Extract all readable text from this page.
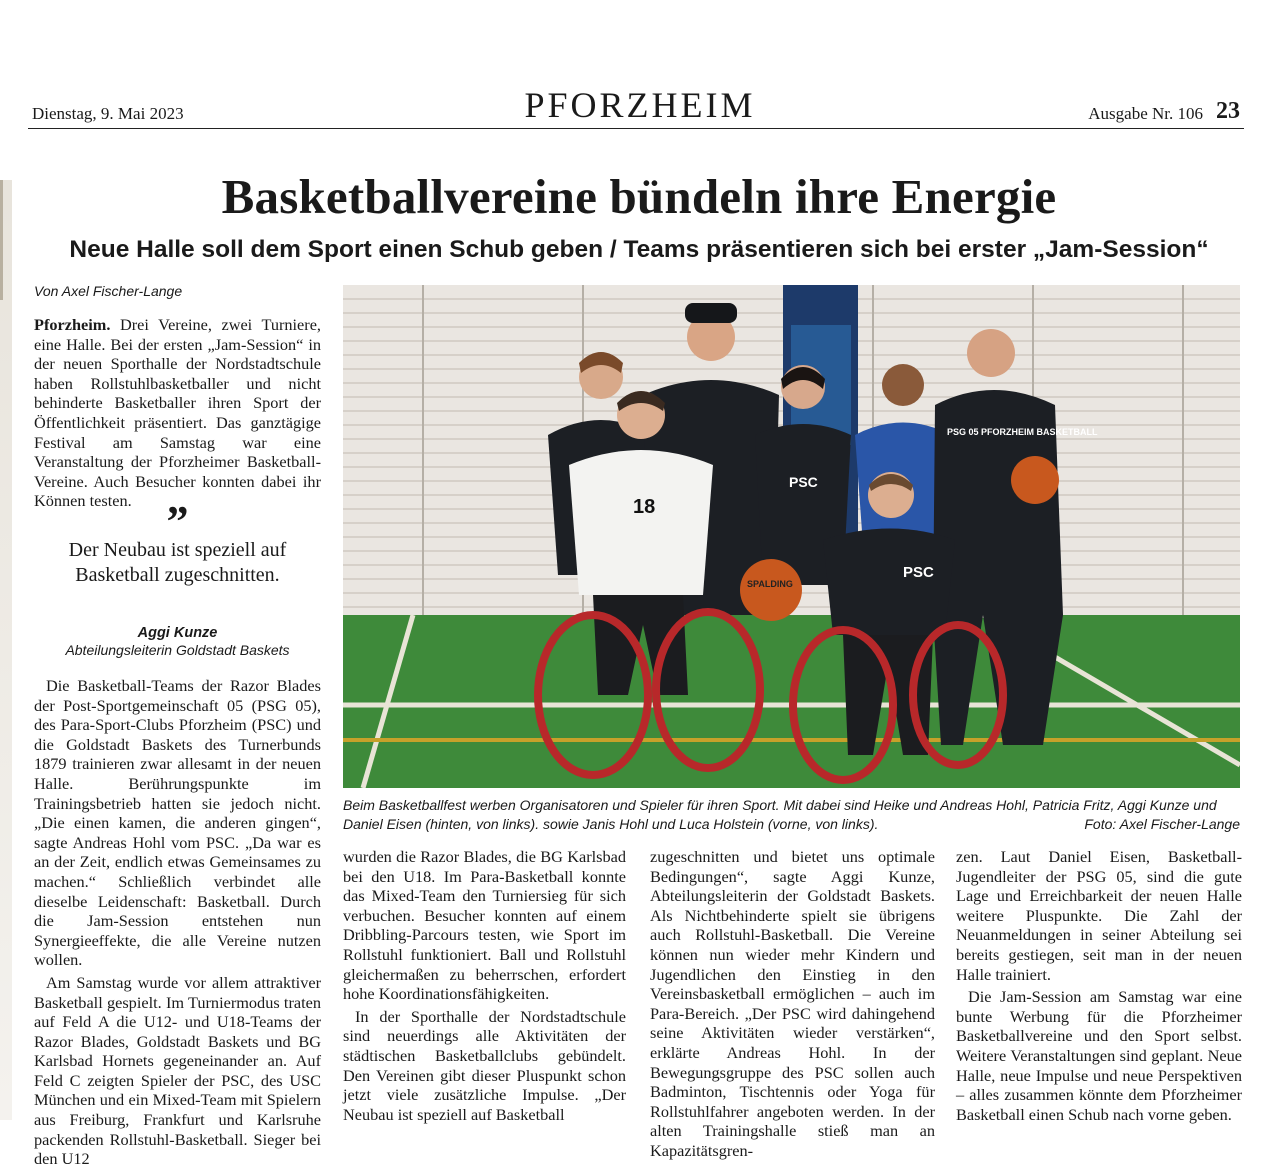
Dienstag, 9. Mai 2023	PFORZHEIM	Ausgabe Nr. 106 23
Basketballvereine bündeln ihre Energie
Neue Halle soll dem Sport einen Schub geben / Teams präsentieren sich bei erster „Jam-Session“
Von Axel Fischer-Lange

Pforzheim. Drei Vereine, zwei Turniere, eine Halle. Bei der ersten „Jam-Session“ in der neuen Sporthalle der Nordstadtschule haben Rollstuhlbasketballer und nicht behinderte Basketballer ihren Sport der Öffentlichkeit präsentiert. Das ganztägige Festival am Samstag war eine Veranstaltung der Pforzheimer Basketball-Vereine. Auch Besucher konnten dabei ihr Können testen. ”
Der Neubau ist speziell auf Basketball zugeschnitten.
Aggi Kunze
Abteilungsleiterin Goldstadt Baskets

Die Basketball-Teams der Razor Blades der Post-Sportgemeinschaft 05 (PSG 05), des Para-Sport-Clubs Pforzheim (PSC) und die Goldstadt Baskets des Turnerbunds 1879 trainieren zwar allesamt in der neuen Halle. Berührungspunkte im Trainingsbetrieb hatten sie jedoch nicht. „Die einen kamen, die anderen gingen“, sagte Andreas Hohl vom PSC. „Da war es an der Zeit, endlich etwas Gemeinsames zu machen.“ Schließlich verbindet alle dieselbe Leidenschaft: Basketball. Durch die Jam-Session entstehen nun Synergieeffekte, die alle Vereine nutzen wollen.

Am Samstag wurde vor allem attraktiver Basketball gespielt. Im Turniermodus traten auf Feld A die U12- und U18-Teams der Razor Blades, Goldstadt Baskets und BG Karlsbad Hornets gegeneinander an. Auf Feld C zeigten Spieler der PSC, des USC München und ein Mixed-Team mit Spielern aus Freiburg, Frankfurt und Karlsruhe packenden Rollstuhl-Basketball. Sieger bei den U12

PSC
PSG 05 PFORZHEIM BASKETBALL
18
SPALDING
PSC
Beim Basketballfest werben Organisatoren und Spieler für ihren Sport. Mit dabei sind Heike und Andreas Hohl, Patricia Fritz, Aggi Kunze und Daniel Eisen (hinten, von links). sowie Janis Hohl und Luca Holstein (vorne, von links).	Foto: Axel Fischer-Lange

wurden die Razor Blades, die BG Karlsbad bei den U18. Im Para-Basketball konnte das Mixed-Team den Turniersieg für sich verbuchen. Besucher konnten auf einem Dribbling-Parcours testen, wie Sport im Rollstuhl funktioniert. Ball und Rollstuhl gleichermaßen zu beherrschen, erfordert hohe Koordinationsfähigkeiten.

In der Sporthalle der Nordstadtschule sind neuerdings alle Aktivitäten der städtischen Basketballclubs gebündelt. Den Vereinen gibt dieser Pluspunkt schon jetzt viele zusätzliche Impulse. „Der Neubau ist speziell auf Basketball

zugeschnitten und bietet uns optimale Bedingungen“, sagte Aggi Kunze, Abteilungsleiterin der Goldstadt Baskets. Als Nichtbehinderte spielt sie übrigens auch Rollstuhl-Basketball. Die Vereine können nun wieder mehr Kindern und Jugendlichen den Einstieg in den Vereinsbasketball ermöglichen – auch im Para-Bereich. „Der PSC wird dahingehend seine Aktivitäten wieder verstärken“, erklärte Andreas Hohl. In der Bewegungsgruppe des PSC sollen auch Badminton, Tischtennis oder Yoga für Rollstuhlfahrer angeboten werden. In der alten Trainingshalle stieß man an Kapazitätsgren-

zen. Laut Daniel Eisen, Basketball-Jugendleiter der PSG 05, sind die gute Lage und Erreichbarkeit der neuen Halle weitere Pluspunkte. Die Zahl der Neuanmeldungen in seiner Abteilung sei bereits gestiegen, seit man in der neuen Halle trainiert.

Die Jam-Session am Samstag war eine bunte Werbung für die Pforzheimer Basketballvereine und den Sport selbst. Weitere Veranstaltungen sind geplant. Neue Halle, neue Impulse und neue Perspektiven – alles zusammen könnte dem Pforzheimer Basketball einen Schub nach vorne geben.
